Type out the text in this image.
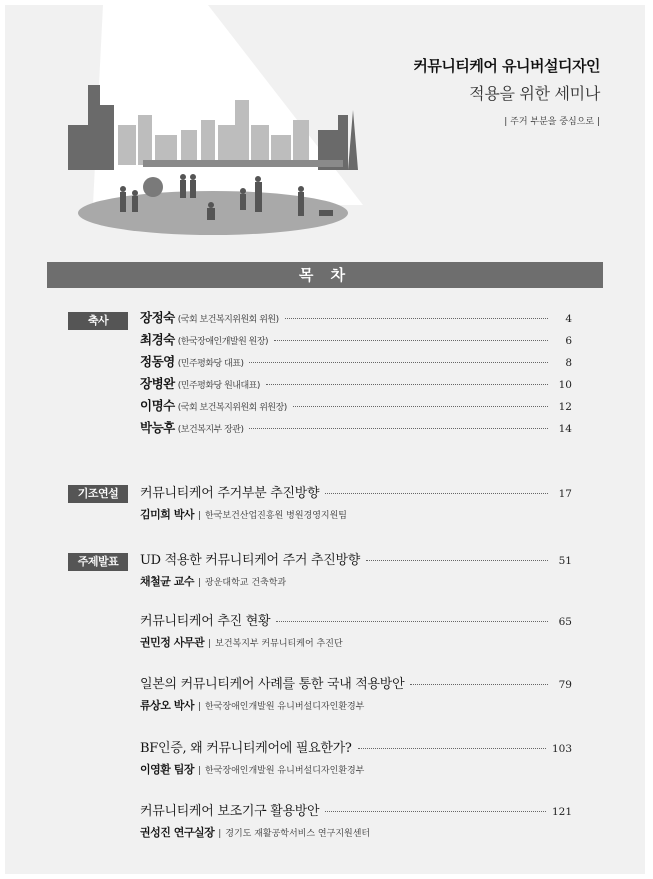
커뮤니티케어 유니버설디자인
적용을 위한 세미나
| 주거 부분을 중심으로 |
목 차
축사	장정숙 (국회 보건복지위원회 위원)	4
최경숙 (한국장애인개발원 원장)	6
정동영 (민주평화당 대표)	8
장병완 (민주평화당 원내대표)	10
이명수 (국회 보건복지위원회 위원장)	12
박능후 (보건복지부 장관)	14
기조연설	커뮤니티케어 주거부분 추진방향	17
김미희 박사 | 한국보건산업진흥원 병원경영지원팀
주제발표	UD 적용한 커뮤니티케어 주거 추진방향	51
채철균 교수 | 광운대학교 건축학과
커뮤니티케어 추진 현황	65
권민정 사무관 | 보건복지부 커뮤니티케어 추진단
일본의 커뮤니티케어 사례를 통한 국내 적용방안	79
류상오 박사 | 한국장애인개발원 유니버설디자인환경부
BF인증, 왜 커뮤니티케어에 필요한가?	103
이영환 팀장 | 한국장애인개발원 유니버설디자인환경부
커뮤니티케어 보조기구 활용방안	121
권성진 연구실장 | 경기도 재활공학서비스 연구지원센터
